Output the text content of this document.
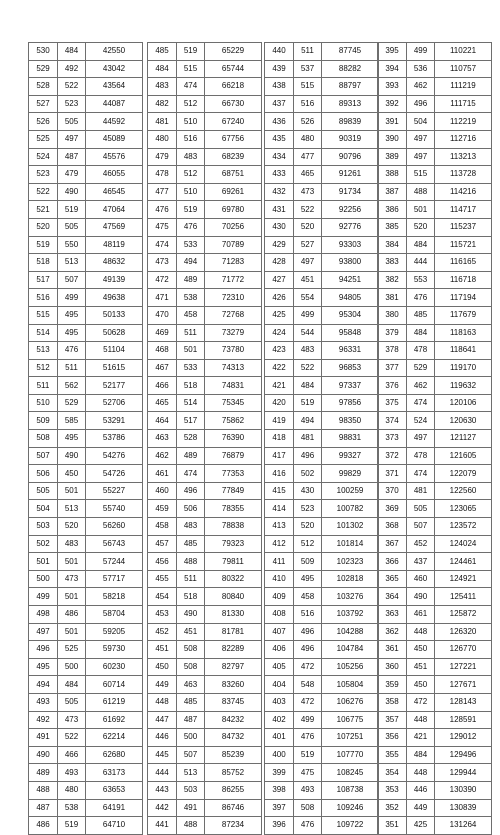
530	484	42550
529	492	43042
528	522	43564
527	523	44087
526	505	44592
525	497	45089
524	487	45576
523	479	46055
522	490	46545
521	519	47064
520	505	47569
519	550	48119
518	513	48632
517	507	49139
516	499	49638
515	495	50133
514	495	50628
513	476	51104
512	511	51615
511	562	52177
510	529	52706
509	585	53291
508	495	53786
507	490	54276
506	450	54726
505	501	55227
504	513	55740
503	520	56260
502	483	56743
501	501	57244
500	473	57717
499	501	58218
498	486	58704
497	501	59205
496	525	59730
495	500	60230
494	484	60714
493	505	61219
492	473	61692
491	522	62214
490	466	62680
489	493	63173
488	480	63653
487	538	64191
486	519	64710
485	519	65229
484	515	65744
483	474	66218
482	512	66730
481	510	67240
480	516	67756
479	483	68239
478	512	68751
477	510	69261
476	519	69780
475	476	70256
474	533	70789
473	494	71283
472	489	71772
471	538	72310
470	458	72768
469	511	73279
468	501	73780
467	533	74313
466	518	74831
465	514	75345
464	517	75862
463	528	76390
462	489	76879
461	474	77353
460	496	77849
459	506	78355
458	483	78838
457	485	79323
456	488	79811
455	511	80322
454	518	80840
453	490	81330
452	451	81781
451	508	82289
450	508	82797
449	463	83260
448	485	83745
447	487	84232
446	500	84732
445	507	85239
444	513	85752
443	503	86255
442	491	86746
441	488	87234
440	511	87745
439	537	88282
438	515	88797
437	516	89313
436	526	89839
435	480	90319
434	477	90796
433	465	91261
432	473	91734
431	522	92256
430	520	92776
429	527	93303
428	497	93800
427	451	94251
426	554	94805
425	499	95304
424	544	95848
423	483	96331
422	522	96853
421	484	97337
420	519	97856
419	494	98350
418	481	98831
417	496	99327
416	502	99829
415	430	100259
414	523	100782
413	520	101302
412	512	101814
411	509	102323
410	495	102818
409	458	103276
408	516	103792
407	496	104288
406	496	104784
405	472	105256
404	548	105804
403	472	106276
402	499	106775
401	476	107251
400	519	107770
399	475	108245
398	493	108738
397	508	109246
396	476	109722
395	499	110221
394	536	110757
393	462	111219
392	496	111715
391	504	112219
390	497	112716
389	497	113213
388	515	113728
387	488	114216
386	501	114717
385	520	115237
384	484	115721
383	444	116165
382	553	116718
381	476	117194
380	485	117679
379	484	118163
378	478	118641
377	529	119170
376	462	119632
375	474	120106
374	524	120630
373	497	121127
372	478	121605
371	474	122079
370	481	122560
369	505	123065
368	507	123572
367	452	124024
366	437	124461
365	460	124921
364	490	125411
363	461	125872
362	448	126320
361	450	126770
360	451	127221
359	450	127671
358	472	128143
357	448	128591
356	421	129012
355	484	129496
354	448	129944
353	446	130390
352	449	130839
351	425	131264
